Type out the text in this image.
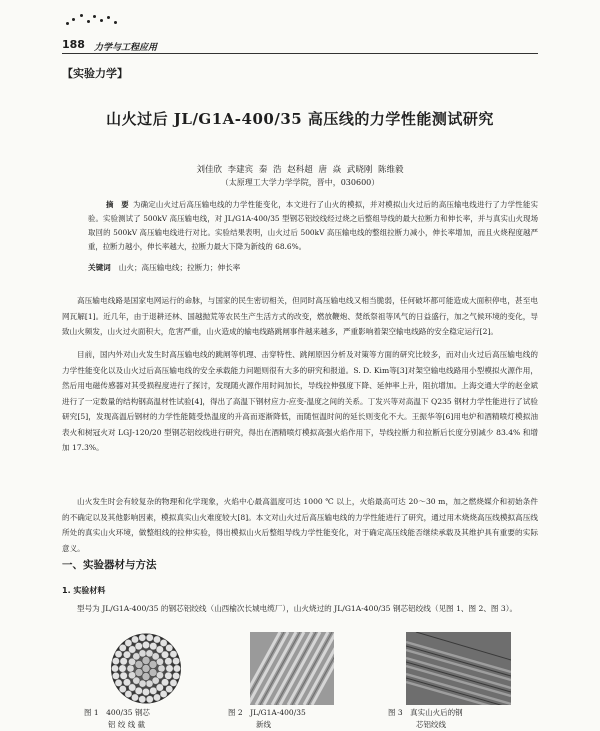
188 力学与工程应用
【实验力学】
山火过后 JL/G1A-400/35 高压线的力学性能测试研究
刘佳欣 李建宾 秦 浩 赵科超 唐 焱 武晓刚 陈维毅
（太原理工大学力学学院，晋中，030600）
摘　要 为确定山火过后高压输电线的力学性能变化，本文进行了山火的模拟，并对模拟山火过后的高压输电线进行了力学性能实验。实验测试了 500kV 高压输电线，对 JL/G1A-400/35 型钢芯铝绞线经过烧之后整组导线的最大拉断力和伸长率，并与真实山火现场取回的 500kV 高压输电线进行对比。实验结果表明，山火过后 500kV 高压输电线的整组拉断力减小，伸长率增加，而且火烧程度越严重，拉断力越小，伸长率越大，拉断力最大下降为新线的 68.6%。
关键词 山火；高压输电线；拉断力；伸长率
高压输电线路是国家电网运行的命脉，与国家的民生密切相关，但同时高压输电线又相当脆弱，任何破坏都可能造成大面积停电，甚至电网瓦解[1]。近几年，由于退耕还林、国越抛荒等农民生产生活方式的改变，燃放鞭炮、焚纸祭祖等风气的日益盛行，加之气候环境的变化，导致山火频发，山火过火面积大，危害严重，山火造成的输电线路跳闸事件越来越多，严重影响着架空输电线路的安全稳定运行[2]。
目前，国内外对山火发生时高压输电线的跳闸等机理、击穿特性、跳闸原因分析及对策等方面的研究比较多，而对山火过后高压输电线的力学性能变化以及山火过后高压输电线的安全承载能力问题则很有大多的研究和报道。S. D. Kim等[3]对架空输电线路用小型模拟火源作用，然后用电磁传感器对其受损程度进行了探讨，发现随火源作用时间加长，导线拉伸强度下降、延伸率上升，阻抗增加。上海交通大学的赵金斌进行了一定数量的结构钢高温材性试验[4]，得出了高温下钢材应力-应变-温度之间的关系。丁发兴等对高温下 Q235 钢材力学性能进行了试验研究[5]，发现高温后钢材的力学性能随受热温度的升高而逐渐降低，而随恒温时间的延长则变化不大。王振华等[6]用电炉和酒精喷灯模拟油表火和树冠火对 LGJ-120/20 型钢芯铝绞线进行研究，得出在酒精喷灯模拟高强火焰作用下，导线拉断力和拉断后长度分别减少 83.4% 和增加 17.3%。
山火发生时会有较复杂的物理和化学现象，火焰中心最高温度可达 1000 ℃ 以上，火焰最高可达 20～30 m，加之燃烧媒介和初始条件的不确定以及其他影响因素，模拟真实山火难度较大[8]。本文对山火过后高压输电线的力学性能进行了研究，通过用木烧烧高压线模拟高压线所处的真实山火环境，做整组线的拉伸实验，得出模拟山火后整组导线力学性能变化，对于确定高压线能否继续承载及其维护具有重要的实际意义。
一、实验器材与方法
1. 实验材料
型号为 JL/G1A-400/35 的钢芯铝绞线（山西榆次长城电缆厂），山火烧过的 JL/G1A-400/35 钢芯铝绞线（见图 1、图 2、图 3）。
图 1　400/35 钢芯
铝 绞 线 截
图 2　JL/G1A-400/35
新线
图 3　真实山火后的钢
芯铝绞线
